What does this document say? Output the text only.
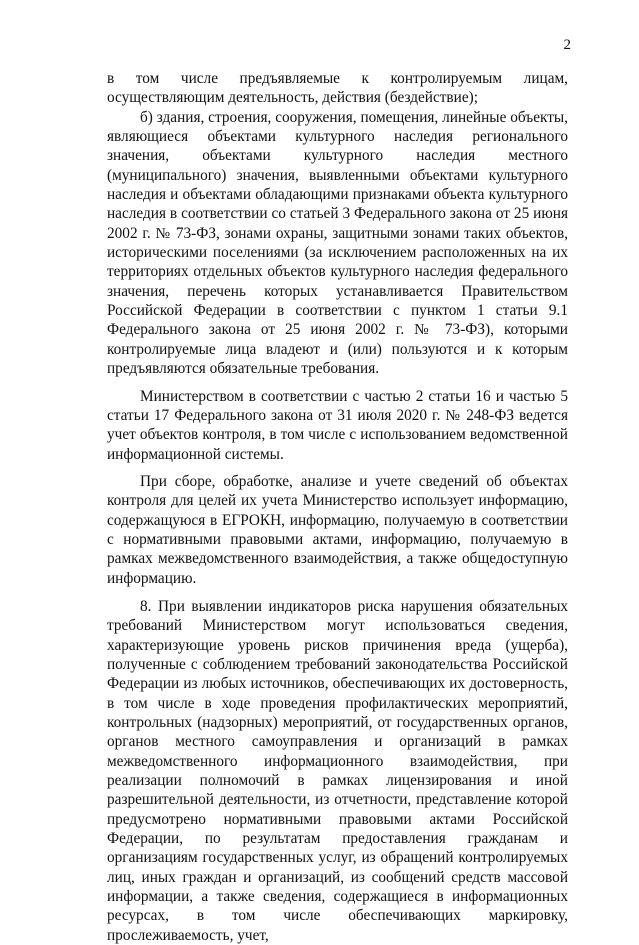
2

в том числе предъявляемые к контролируемым лицам, осуществляющим деятельность, действия (бездействие);

б) здания, строения, сооружения, помещения, линейные объекты, являющиеся объектами культурного наследия регионального значения, объектами культурного наследия местного (муниципального) значения, выявленными объектами культурного наследия и объектами обладающими признаками объекта культурного наследия в соответствии со статьей 3 Федерального закона от 25 июня 2002 г. № 73-ФЗ, зонами охраны, защитными зонами таких объектов, историческими поселениями (за исключением расположенных на их территориях отдельных объектов культурного наследия федерального значения, перечень которых устанавливается Правительством Российской Федерации в соответствии с пунктом 1 статьи 9.1 Федерального закона от 25 июня 2002 г. № 73-ФЗ), которыми контролируемые лица владеют и (или) пользуются и к которым предъявляются обязательные требования.

Министерством в соответствии с частью 2 статьи 16 и частью 5 статьи 17 Федерального закона от 31 июля 2020 г. № 248-ФЗ ведется учет объектов контроля, в том числе с использованием ведомственной информационной системы.

При сборе, обработке, анализе и учете сведений об объектах контроля для целей их учета Министерство использует информацию, содержащуюся в ЕГРОКН, информацию, получаемую в соответствии с нормативными правовыми актами, информацию, получаемую в рамках межведомственного взаимодействия, а также общедоступную информацию.

8. При выявлении индикаторов риска нарушения обязательных требований Министерством могут использоваться сведения, характеризующие уровень рисков причинения вреда (ущерба), полученные с соблюдением требований законодательства Российской Федерации из любых источников, обеспечивающих их достоверность, в том числе в ходе проведения профилактических мероприятий, контрольных (надзорных) мероприятий, от государственных органов, органов местного самоуправления и организаций в рамках межведомственного информационного взаимодействия, при реализации полномочий в рамках лицензирования и иной разрешительной деятельности, из отчетности, представление которой предусмотрено нормативными правовыми актами Российской Федерации, по результатам предоставления гражданам и организациям государственных услуг, из обращений контролируемых лиц, иных граждан и организаций, из сообщений средств массовой информации, а также сведения, содержащиеся в информационных ресурсах, в том числе обеспечивающих маркировку, прослеживаемость, учет,
